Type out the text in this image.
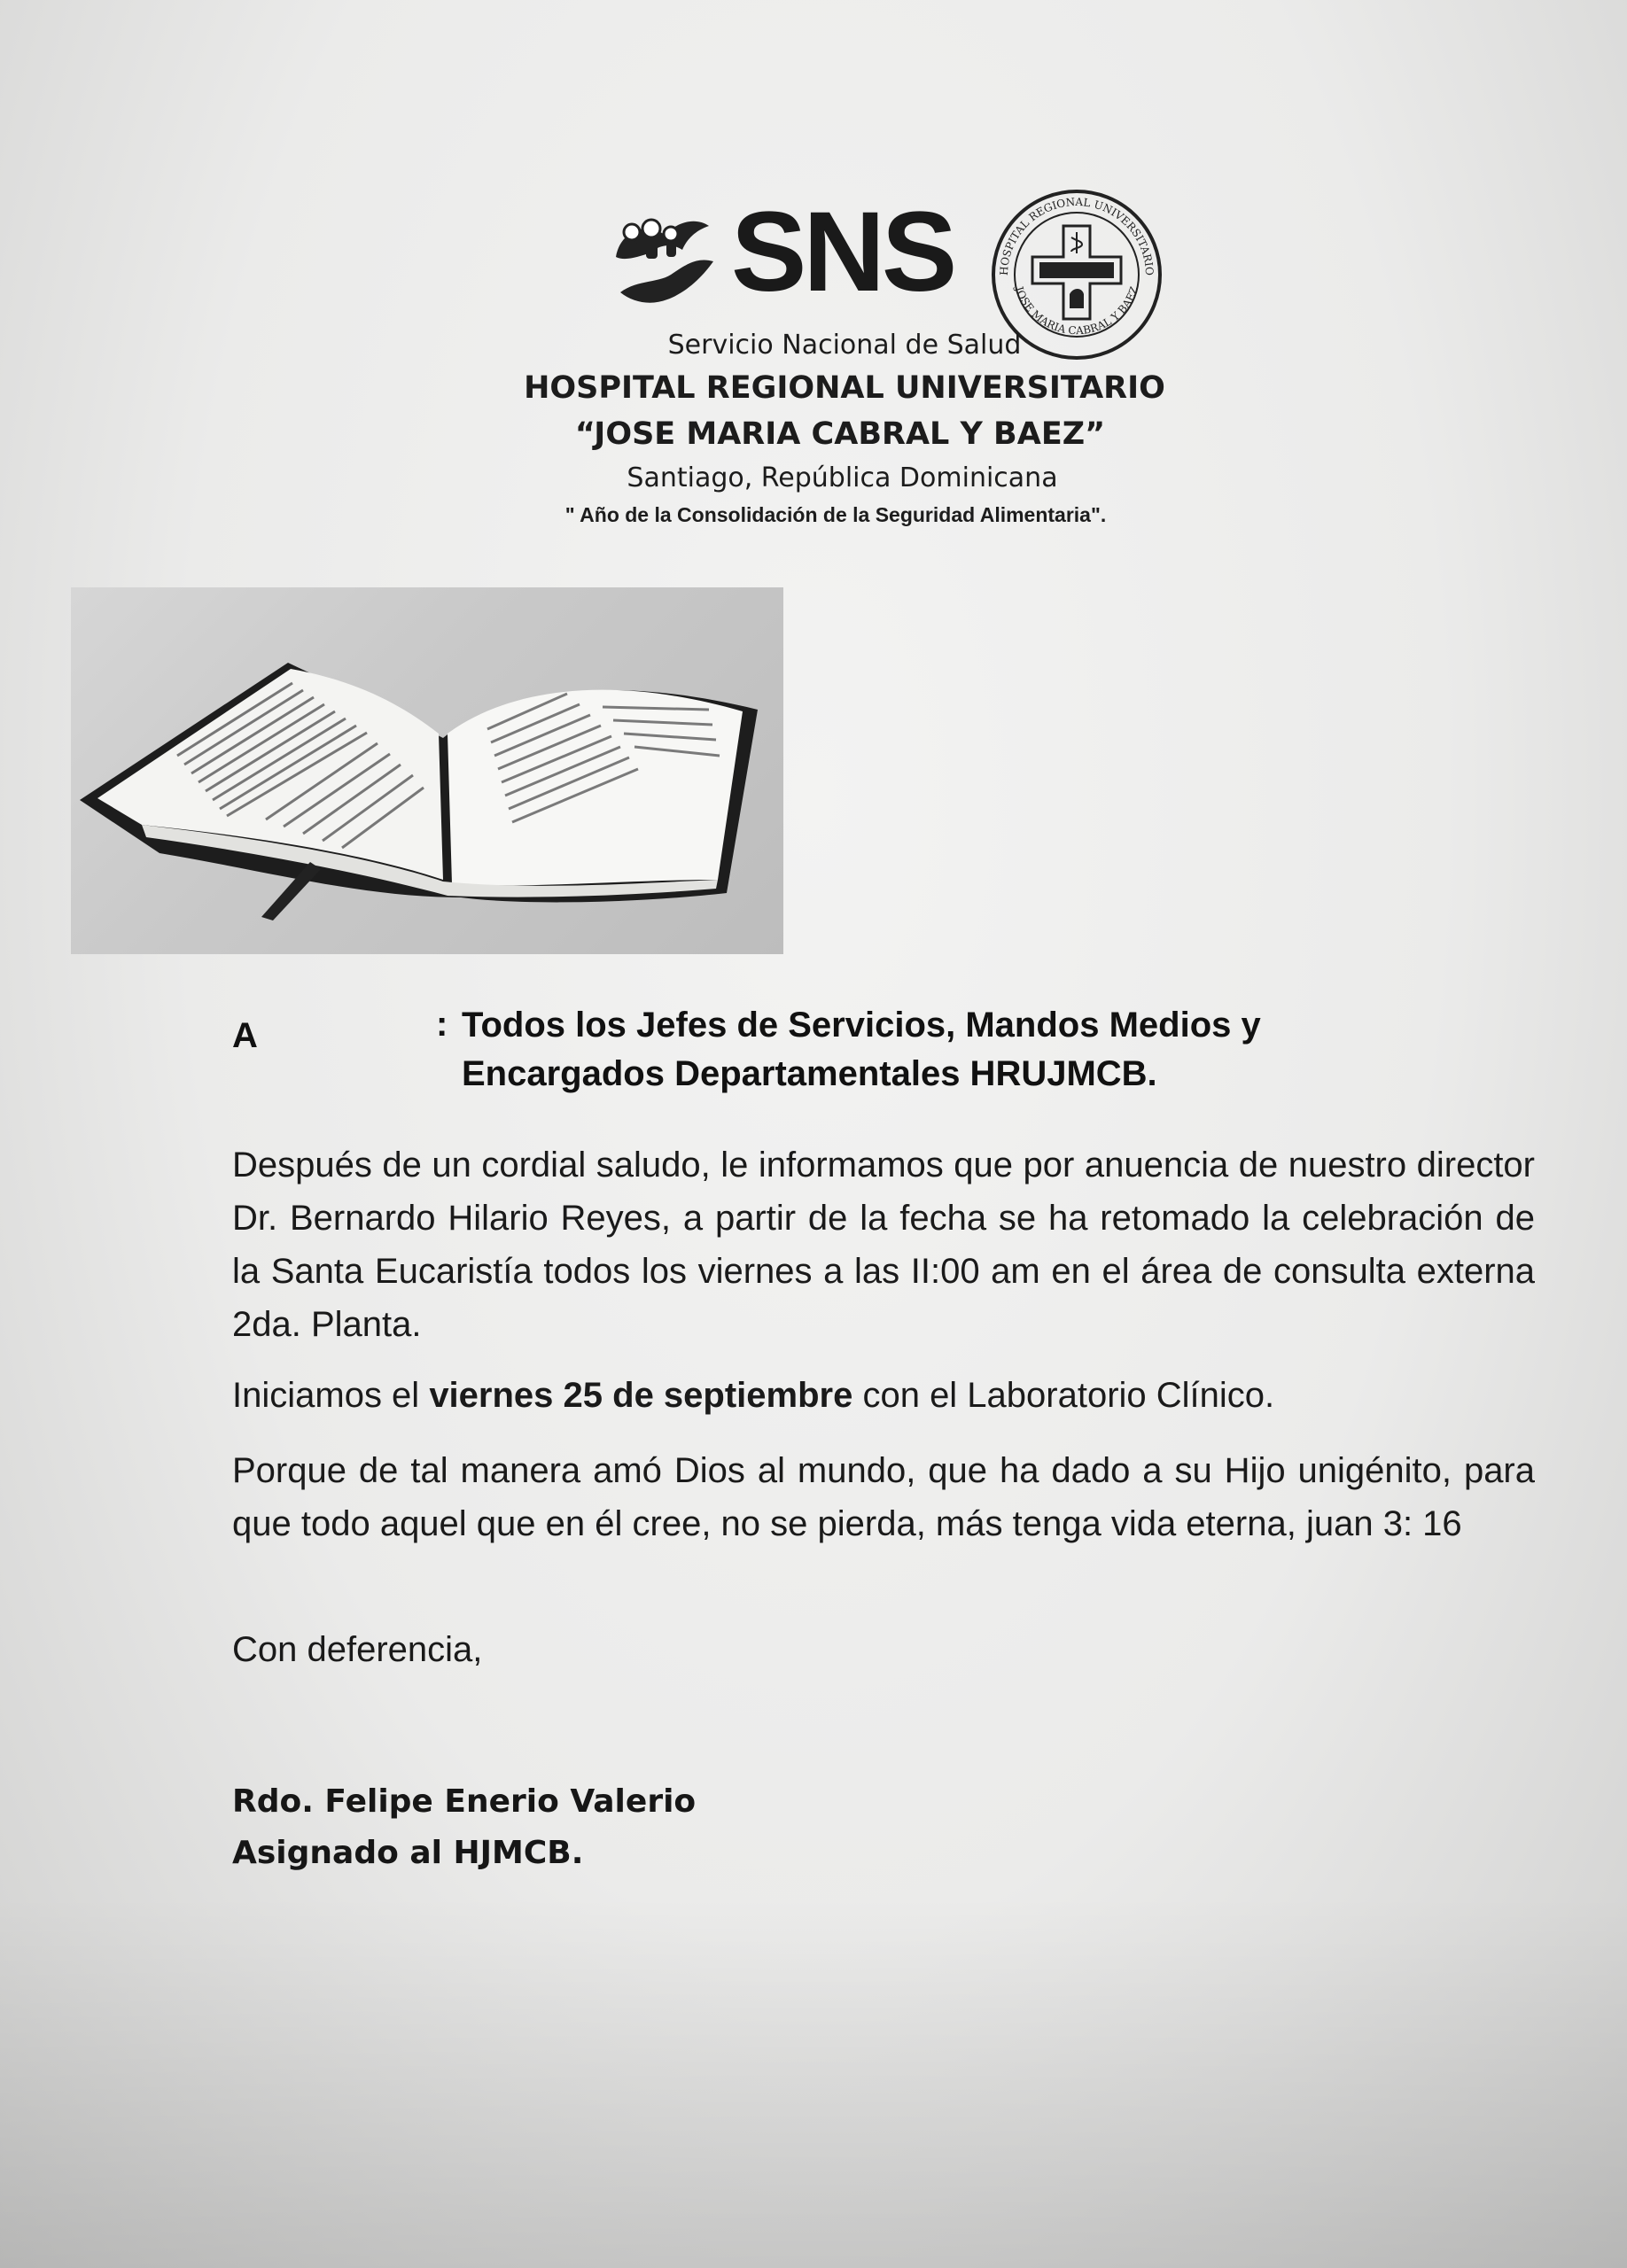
SNS	HOSPITAL REGIONAL UNIVERSITARIO
JOSE MARIA CABRAL Y BAEZ
Servicio Nacional de Salud
HOSPITAL REGIONAL UNIVERSITARIO
“JOSE MARIA CABRAL Y BAEZ”
Santiago, República Dominicana
" Año de la Consolidación de la Seguridad Alimentaria".
A	: Todos los Jefes de Servicios, Mandos Medios y Encargados Departamentales HRUJMCB.
Después de un cordial saludo, le informamos que por anuencia de nuestro director Dr. Bernardo Hilario Reyes, a partir de la fecha se ha retomado la celebración de la Santa Eucaristía todos los viernes a las II:00 am en el área de consulta externa 2da. Planta.
Iniciamos el viernes 25 de septiembre con el Laboratorio Clínico.
Porque de tal manera amó Dios al mundo, que ha dado a su Hijo unigénito, para que todo aquel que en él cree, no se pierda, más tenga vida eterna, juan 3: 16
Con deferencia,
Rdo. Felipe Enerio Valerio
Asignado al HJMCB.
